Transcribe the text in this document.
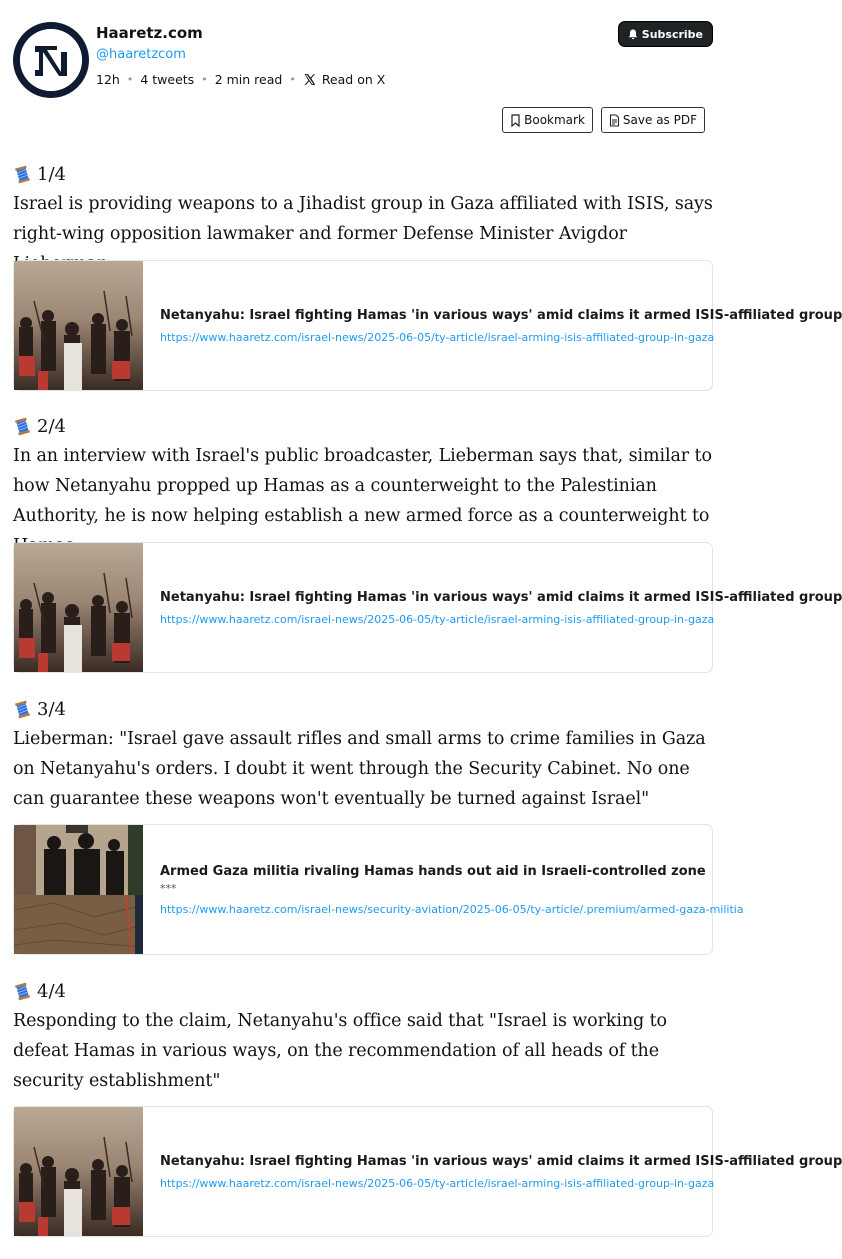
Haaretz.com
@haaretzcom
12h • 4 tweets • 2 min read • Read on X
Subscribe
Bookmark	Save as PDF
1/4
Israel is providing weapons to a Jihadist group in Gaza affiliated with ISIS, says right-wing opposition lawmaker and former Defense Minister Avigdor
Netanyahu: Israel fighting Hamas 'in various ways' amid claims it armed ISIS-affiliated group
https://www.haaretz.com/israel-news/2025-06-05/ty-article/israel-arming-isis-affiliated-group-in-gaza
2/4
In an interview with Israel's public broadcaster, Lieberman says that, similar to how Netanyahu propped up Hamas as a counterweight to the Palestinian Authority, he is now helping establish a new armed force as a counterweight to
Netanyahu: Israel fighting Hamas 'in various ways' amid claims it armed ISIS-affiliated group
https://www.haaretz.com/israel-news/2025-06-05/ty-article/israel-arming-isis-affiliated-group-in-gaza
3/4
Lieberman: "Israel gave assault rifles and small arms to crime families in Gaza on Netanyahu's orders. I doubt it went through the Security Cabinet. No one can guarantee these weapons won't eventually be turned against Israel"
Armed Gaza militia rivaling Hamas hands out aid in Israeli-controlled zone
***
https://www.haaretz.com/israel-news/security-aviation/2025-06-05/ty-article/.premium/armed-gaza-militia
4/4
Responding to the claim, Netanyahu's office said that "Israel is working to defeat Hamas in various ways, on the recommendation of all heads of the security establishment"
Netanyahu: Israel fighting Hamas 'in various ways' amid claims it armed ISIS-affiliated group
https://www.haaretz.com/israel-news/2025-06-05/ty-article/israel-arming-isis-affiliated-group-in-gaza
